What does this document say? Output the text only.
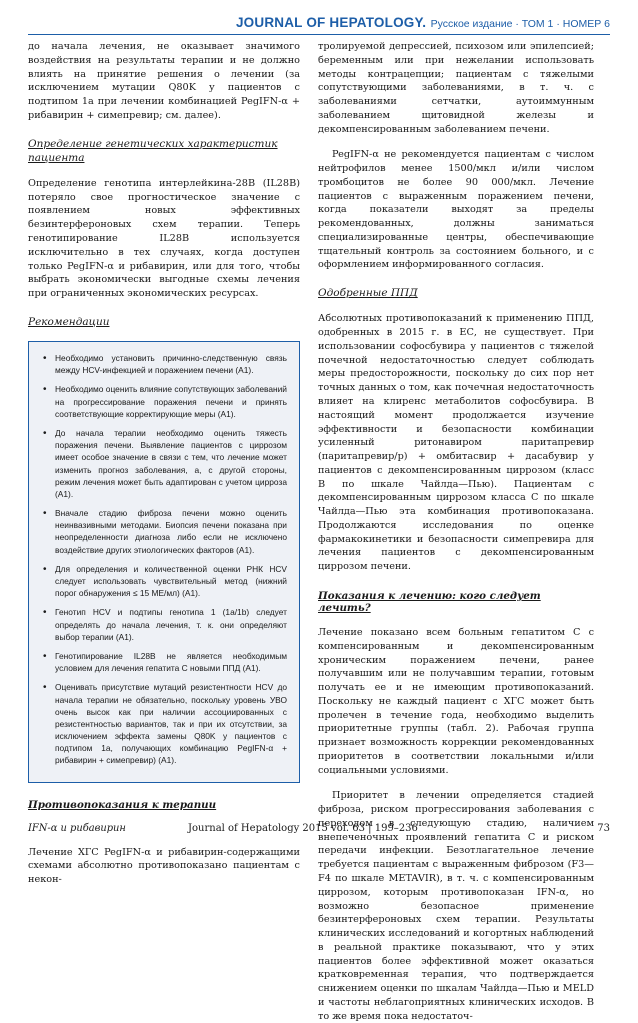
JOURNAL OF HEPATOLOGY. Русское издание · ТОМ 1 · НОМЕР 6

до начала лечения, не оказывает значимого воздействия на результаты терапии и не должно влиять на принятие решения о лечении (за исключением мутации Q80K у пациентов с подтипом 1a при лечении комбинацией PegIFN-α + рибавирин + симепревир; см. далее).

Определение генетических характеристик пациента

Определение генотипа интерлейкина-28B (IL28B) потеряло свое прогностическое значение с появлением новых эффективных безинтерфероновых схем терапии. Теперь генотипирование IL28B используется исключительно в тех случаях, когда доступен только PegIFN-α и рибавирин, или для того, чтобы выбрать экономически выгодные схемы лечения при ограниченных экономических ресурсах.

Рекомендации
• Необходимо установить причинно-следственную связь между HCV-инфекцией и поражением печени (A1).
• Необходимо оценить влияние сопутствующих заболеваний на прогрессирование поражения печени и принять соответствующие корректирующие меры (A1).
• До начала терапии необходимо оценить тяжесть поражения печени. Выявление пациентов с циррозом имеет особое значение в связи с тем, что лечение может изменить прогноз заболевания, а, с другой стороны, режим лечения может быть адаптирован с учетом цирроза (A1).
• Вначале стадию фиброза печени можно оценить неинвазивными методами. Биопсия печени показана при неопределенности диагноза либо если не исключено воздействие других этиологических факторов (A1).
• Для определения и количественной оценки РНК HCV следует использовать чувствительный метод (нижний порог обнаружения ≤ 15 МЕ/мл) (A1).
• Генотип HCV и подтипы генотипа 1 (1a/1b) следует определять до начала лечения, т. к. они определяют выбор терапии (A1).
• Генотипирование IL28B не является необходимым условием для лечения гепатита С новыми ППД (A1).
• Оценивать присутствие мутаций резистентности HCV до начала терапии не обязательно, поскольку уровень УВО очень высок как при наличии ассоциированных с резистентностью вариантов, так и при их отсутствии, за исключением эффекта замены Q80K у пациентов с подтипом 1a, получающих комбинацию PegIFN-α + рибавирин + симепревир) (A1).
Противопоказания к терапии
IFN-α и рибавирин

Лечение ХГС PegIFN-α и рибавирин-содержащими схемами абсолютно противопоказано пациентам с некон-

тролируемой депрессией, психозом или эпилепсией; беременным или при нежелании использовать методы контрацепции; пациентам с тяжелыми сопутствующими заболеваниями, в т. ч. с заболеваниями сетчатки, аутоиммунным заболеванием щитовидной железы и декомпенсированным заболеванием печени.

PegIFN-α не рекомендуется пациентам с числом нейтрофилов менее 1500/мкл и/или числом тромбоцитов не более 90 000/мкл. Лечение пациентов с выраженным поражением печени, когда показатели выходят за пределы рекомендованных, должны заниматься специализированные центры, обеспечивающие тщательный контроль за состоянием больного, и с оформлением информированного согласия.

Одобренные ППД

Абсолютных противопоказаний к применению ППД, одобренных в 2015 г. в ЕС, не существует. При использовании софосбувира у пациентов с тяжелой почечной недостаточностью следует соблюдать меры предосторожности, поскольку до сих пор нет точных данных о том, как почечная недостаточность влияет на клиренс метаболитов софосбувира. В настоящий момент продолжается изучение эффективности и безопасности комбинации усиленный ритонавиром паритапревир (паритапревир/р) + омбитасвир + дасабувир у пациентов с декомпенсированным циррозом (класс В по шкале Чайлда—Пью). Пациентам с декомпенсированным циррозом класса С по шкале Чайлда—Пью эта комбинация противопоказана. Продолжаются исследования по оценке фармакокинетики и безопасности симепревира для лечения пациентов с декомпенсированным циррозом печени.

Показания к лечению: кого следует лечить?

Лечение показано всем больным гепатитом С с компенсированным и декомпенсированным хроническим поражением печени, ранее получавшим или не получавшим терапии, готовым получать ее и не имеющим противопоказаний. Поскольку не каждый пациент с ХГС может быть пролечен в течение года, необходимо выделить приоритетные группы (табл. 2). Рабочая группа признает возможность коррекции рекомендованных приоритетов в соответствии локальными и/или социальными условиями.

Приоритет в лечении определяется стадией фиброза, риском прогрессирования заболевания с переходом в следующую стадию, наличием внепеченочных проявлений гепатита С и риском передачи инфекции. Безотлагательное лечение требуется пациентам с выраженным фиброзом (F3—F4 по шкале METAVIR), в т. ч. с компенсированным циррозом, которым противопоказан IFN-α, но возможно безопасное применение безинтерфероновых схем терапии. Результаты клинических исследований и когортных наблюдений в реальной практике показывают, что у этих пациентов более эффективной может оказаться кратковременная терапия, что подтверждается снижением оценки по шкалам Чайлда—Пью и MELD и частоты неблагоприятных клинических исходов. В то же время пока недостаточ-

Journal of Hepatology 2015 vol. 63 | 199–236	73
